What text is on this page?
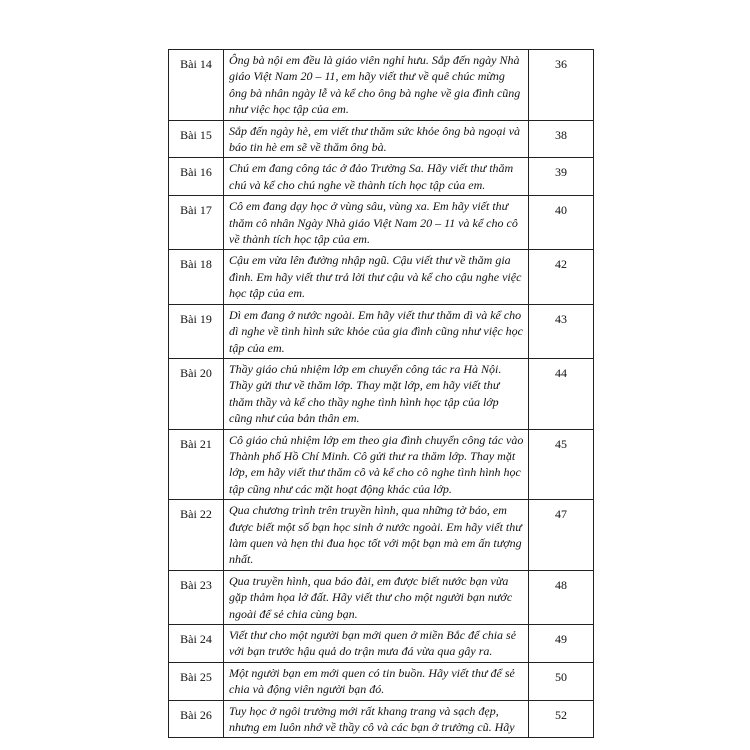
Bài 14	Ông bà nội em đều là giáo viên nghỉ hưu. Sắp đến ngày Nhà giáo Việt Nam 20 – 11, em hãy viết thư về quê chúc mừng ông bà nhân ngày lễ và kể cho ông bà nghe về gia đình cũng như việc học tập của em.	36
Bài 15	Sắp đến ngày hè, em viết thư thăm sức khỏe ông bà ngoại và báo tin hè em sẽ về thăm ông bà.	38
Bài 16	Chú em đang công tác ở đảo Trường Sa. Hãy viết thư thăm chú và kể cho chú nghe về thành tích học tập của em.	39
Bài 17	Cô em đang dạy học ở vùng sâu, vùng xa. Em hãy viết thư thăm cô nhân Ngày Nhà giáo Việt Nam 20 – 11 và kể cho cô về thành tích học tập của em.	40
Bài 18	Cậu em vừa lên đường nhập ngũ. Cậu viết thư về thăm gia đình. Em hãy viết thư trả lời thư cậu và kể cho cậu nghe việc học tập của em.	42
Bài 19	Dì em đang ở nước ngoài. Em hãy viết thư thăm dì và kể cho dì nghe về tình hình sức khỏe của gia đình cũng như việc học tập của em.	43
Bài 20	Thầy giáo chủ nhiệm lớp em chuyển công tác ra Hà Nội. Thầy gửi thư về thăm lớp. Thay mặt lớp, em hãy viết thư thăm thầy và kể cho thầy nghe tình hình học tập của lớp cũng như của bản thân em.	44
Bài 21	Cô giáo chủ nhiệm lớp em theo gia đình chuyển công tác vào Thành phố Hồ Chí Minh. Cô gửi thư ra thăm lớp. Thay mặt lớp, em hãy viết thư thăm cô và kể cho cô nghe tình hình học tập cũng như các mặt hoạt động khác của lớp.	45
Bài 22	Qua chương trình trên truyền hình, qua những tờ báo, em được biết một số bạn học sinh ở nước ngoài. Em hãy viết thư làm quen và hẹn thi đua học tốt với một bạn mà em ấn tượng nhất.	47
Bài 23	Qua truyền hình, qua báo đài, em được biết nước bạn vừa gặp thảm họa lở đất. Hãy viết thư cho một người bạn nước ngoài để sẻ chia cùng bạn.	48
Bài 24	Viết thư cho một người bạn mới quen ở miền Bắc để chia sẻ với bạn trước hậu quả do trận mưa đá vừa qua gây ra.	49
Bài 25	Một người bạn em mới quen có tin buồn. Hãy viết thư để sẻ chia và động viên người bạn đó.	50
Bài 26	Tuy học ở ngôi trường mới rất khang trang và sạch đẹp, nhưng em luôn nhớ về thầy cô và các bạn ở trường cũ. Hãy	52
